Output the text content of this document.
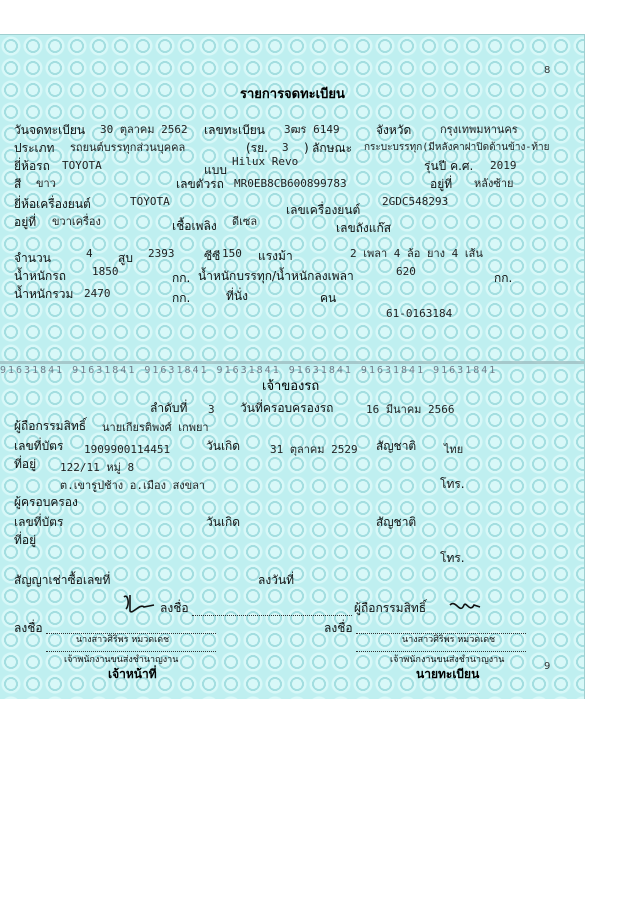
8
รายการจดทะเบียน
วันจดทะเบียน 30 ตุลาคม 2562 เลขทะเบียน 3ฒร 6149	จังหวัด	กรุงเทพมหานคร
ประเภท รถยนต์บรรทุกส่วนบุคคล	(รย. 3 ) ลักษณะ กระบะบรรทุก(มีหลังคาฝาปิดด้านข้าง-ท้าย
ยี่ห้อรถ TOYOTA	แบบ
Hilux Revo	รุ่นปี ค.ศ. 2019
สี ขาว	เลขตัวรถ MR0EB8CB600899783	อยู่ที่ หลังซ้าย
ยี่ห้อเครื่องยนต์	TOYOTA
เลขเครื่องยนต์
2GDC548293
อยู่ที่ ขวาเครื่อง	เชื้อเพลิง ดีเซล	เลขถังแก๊ส
จำนวน	4 สูบ 2393 ซีซี 150 แรงม้า	2 เพลา 4 ล้อ ยาง 4 เส้น
น้ำหนักรถ 1850	กก. น้ำหนักบรรทุก/น้ำหนักลงเพลา	620	กก.
น้ำหนักรวม 2470	กก.	ที่นั่ง	คน
61-0163184
91631841 91631841 91631841 91631841 91631841 91631841 91631841
เจ้าของรถ
ลำดับที่ 3 วันที่ครอบครองรถ	16 มีนาคม 2566
ผู้ถือกรรมสิทธิ์ นายเกียรติพงศ์ เกพยา
เลขที่บัตร 1909900114451	วันเกิด	31 ตุลาคม 2529 สัญชาติ	ไทย
ที่อยู่ 122/11 หมู่ 8
ต.เขารูปช้าง อ.เมือง สงขลา	โทร.
ผู้ครอบครอง
เลขที่บัตร	วันเกิด	สัญชาติ
ที่อยู่
โทร.
สัญญาเช่าซื้อเลขที่	ลงวันที่
ลงชื่อ	ผู้ถือกรรมสิทธิ์
ลงชื่อ
นางสาวศิริพร หมวดเดช
เจ้าพนักงานขนส่งชำนาญงาน
เจ้าหน้าที่
ลงชื่อ
นางสาวศิริพร หมวดเดช
เจ้าพนักงานขนส่งชำนาญงาน
นายทะเบียน
9
